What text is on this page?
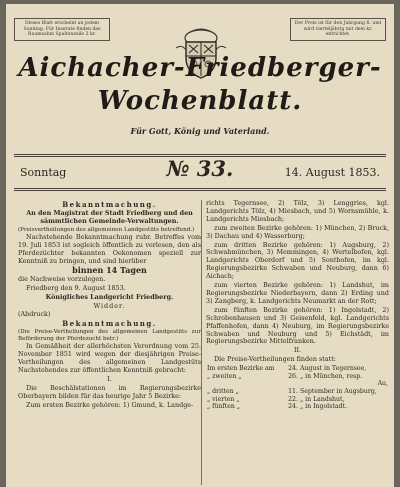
Dieses Blatt erscheint an jedem Sonntag. Für Inserate finden das Raumsahm Spaltenzeile 2 kr.
Der Preis ist für den Jahrgang fl. und wird vierteljährig mit dem kr. entrichtet.
Aichacher-Friedberger-
Wochenblatt.
Für Gott, König und Vaterland.
Sonntag	№ 33.	14. August 1853.
Bekanntmachung.
An den Magistrat der Stadt Friedberg und den sämmtlichen Gemeinde-Verwaltungen.
(Preisvertheilungen des allgemeinen Landgestüts betreffend.)
Nachstehende Bekanntmachung rubr. Betreffes vom 19. Juli 1853 ist sogleich öffentlich zu verlesen, den als Pferdezüchter bekannten Oekonomen speziell zur Kenntniß zu bringen, und sind hierüber
binnen 14 Tagen
die Nachweise vorzulegen.
Friedberg den 9. August 1853.
Königliches Landgericht Friedberg.
Widder.
(Abdruck)
Bekanntmachung.
(Die Preise-Vertheilungen des allgemeinen Landgestüts zur Beförderung der Pferdezucht betr.)
In Gemäßheit der allerhöchsten Verordnung vom 25. November 1851 wird wegen der diesjährigen Preise-Vertheilungen des allgemeinen Landgestüts Nachstehendes zur öffentlichen Kenntniß gebracht:
I.
Die Beschälstationen im Regierungsbezirke Oberbayern bilden für das heurige Jahr 5 Bezirke:
Zum ersten Bezirke gehören: 1) Gmund, k. Landge-
richts Tegernsee, 2) Tölz, 3) Lenggries, kgl. Landgerichts Tölz, 4) Miesbach, und 5) Wornsmühle, k. Landgerichts Miesbach;
zum zweiten Bezirke gehören: 1) München, 2) Bruck, 3) Dachau und 4) Wasserburg;
zum dritten Bezirke gehören: 1) Augsburg, 2) Schwabmünchen, 3) Memmingen, 4) Wertelbofen, kgl. Landgerichts Oberdorf und 5) Sonthofen, im kgl. Regierungsbezirke Schwaben und Neuburg, dann 6) Aichach;
zum vierten Bezirke gehören: 1) Landshut, im Regierungsbezirke Niederbayern, dann 2) Erding und 3) Zangberg, k. Landgerichts Neumarkt an der Rott;
zum fünften Bezirke gehören: 1) Ingolstadt, 2) Schrobenhausen und 3) Geisenfeld, kgl. Landgerichts Pfaffenhofen, dann 4) Neuburg, im Regierungsbezirke Schwaben und Neuburg und 5) Eichstädt, im Regierungsbezirke Mittelfranken.
II.
Die Preise-Vertheilungen finden statt:
Im ersten Bezirke am	24.	August in Tegernsee,
„ zweiten „	26.	„ in München, resp.
		Au,
„ dritten „	11.	September in Augsburg,
„ vierten „	22.	„ in Landshut,
„ fünften „	24.	„ in Ingolstadt.
